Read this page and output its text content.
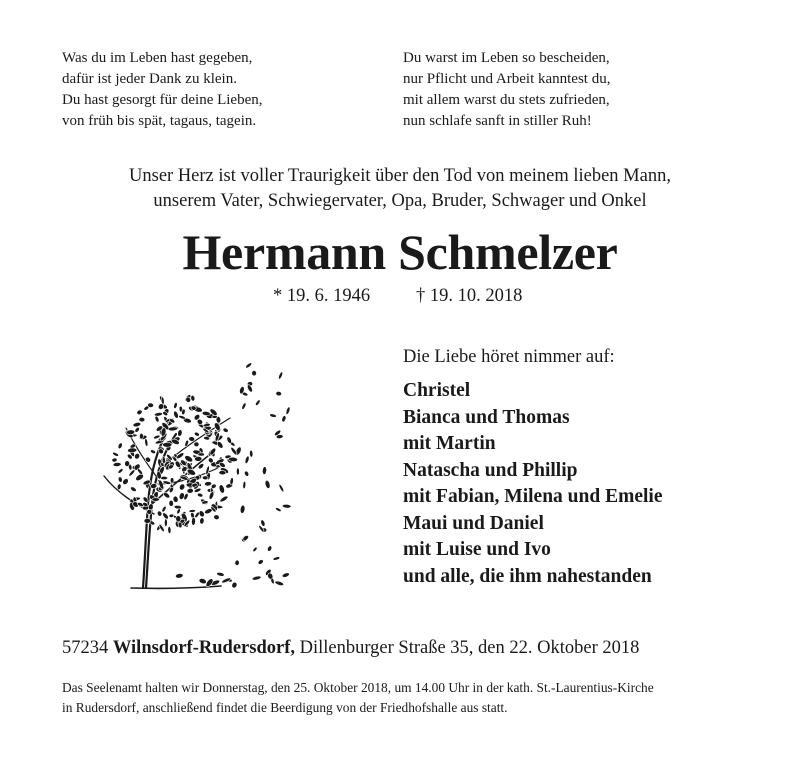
Was du im Leben hast gegeben,
dafür ist jeder Dank zu klein.
Du hast gesorgt für deine Lieben,
von früh bis spät, tagaus, tagein.
Du warst im Leben so bescheiden,
nur Pflicht und Arbeit kanntest du,
mit allem warst du stets zufrieden,
nun schlafe sanft in stiller Ruh!
Unser Herz ist voller Traurigkeit über den Tod von meinem lieben Mann,
unserem Vater, Schwiegervater, Opa, Bruder, Schwager und Onkel
Hermann Schmelzer
* 19. 6. 1946 † 19. 10. 2018
Die Liebe höret nimmer auf:
Christel
Bianca und Thomas
mit Martin
Natascha und Phillip
mit Fabian, Milena und Emelie
Maui und Daniel
mit Luise und Ivo
und alle, die ihm nahestanden
57234 Wilnsdorf-Rudersdorf, Dillenburger Straße 35, den 22. Oktober 2018
Das Seelenamt halten wir Donnerstag, den 25. Oktober 2018, um 14.00 Uhr in der kath. St.-Laurentius-Kirche
in Rudersdorf, anschließend findet die Beerdigung von der Friedhofshalle aus statt.
